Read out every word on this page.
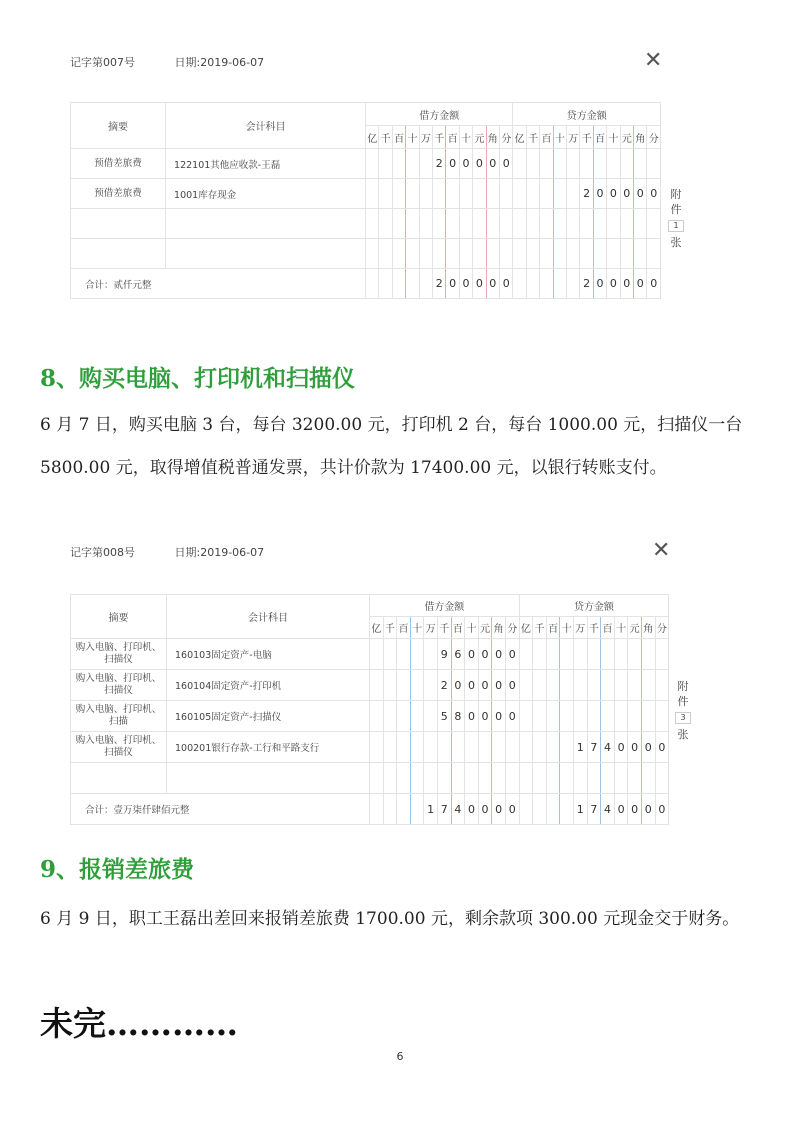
记字第007号	日期:2019-06-07	✕
摘要	会计科目	借方金额											贷方金额										
		亿	千	百	十	万	千	百	十	元	角	分	亿	千	百	十	万	千	百	十	元	角	分
预借差旅费	122101其他应收款-王磊						2	0	0	0	0	0											
预借差旅费	1001库存现金																	2	0	0	0	0	0

合计：贰仟元整							2	0	0	0	0	0						2	0	0	0	0	0
附
件
1
张
8、购买电脑、打印机和扫描仪
6 月 7 日，购买电脑 3 台，每台 3200.00 元，打印机 2 台，每台 1000.00 元，扫描仪一台 5800.00 元，取得增值税普通发票，共计价款为 17400.00 元，以银行转账支付。
记字第008号	日期:2019-06-07	✕
摘要	会计科目	借方金额											贷方金额										
		亿	千	百	十	万	千	百	十	元	角	分	亿	千	百	十	万	千	百	十	元	角	分
购入电脑、打印机、扫描仪	160103固定资产-电脑						9	6	0	0	0	0											
购入电脑、打印机、扫描仪	160104固定资产-打印机						2	0	0	0	0	0											
购入电脑、打印机、扫描	160105固定资产-扫描仪						5	8	0	0	0	0											
购入电脑、打印机、扫描仪	100201银行存款-工行和平路支行																1	7	4	0	0	0	0

合计：壹万柒仟肆佰元整						1	7	4	0	0	0	0					1	7	4	0	0	0	0
附
件
3
张
9、报销差旅费
6 月 9 日，职工王磊出差回来报销差旅费 1700.00 元，剩余款项 300.00 元现金交于财务。
未完…………
6
